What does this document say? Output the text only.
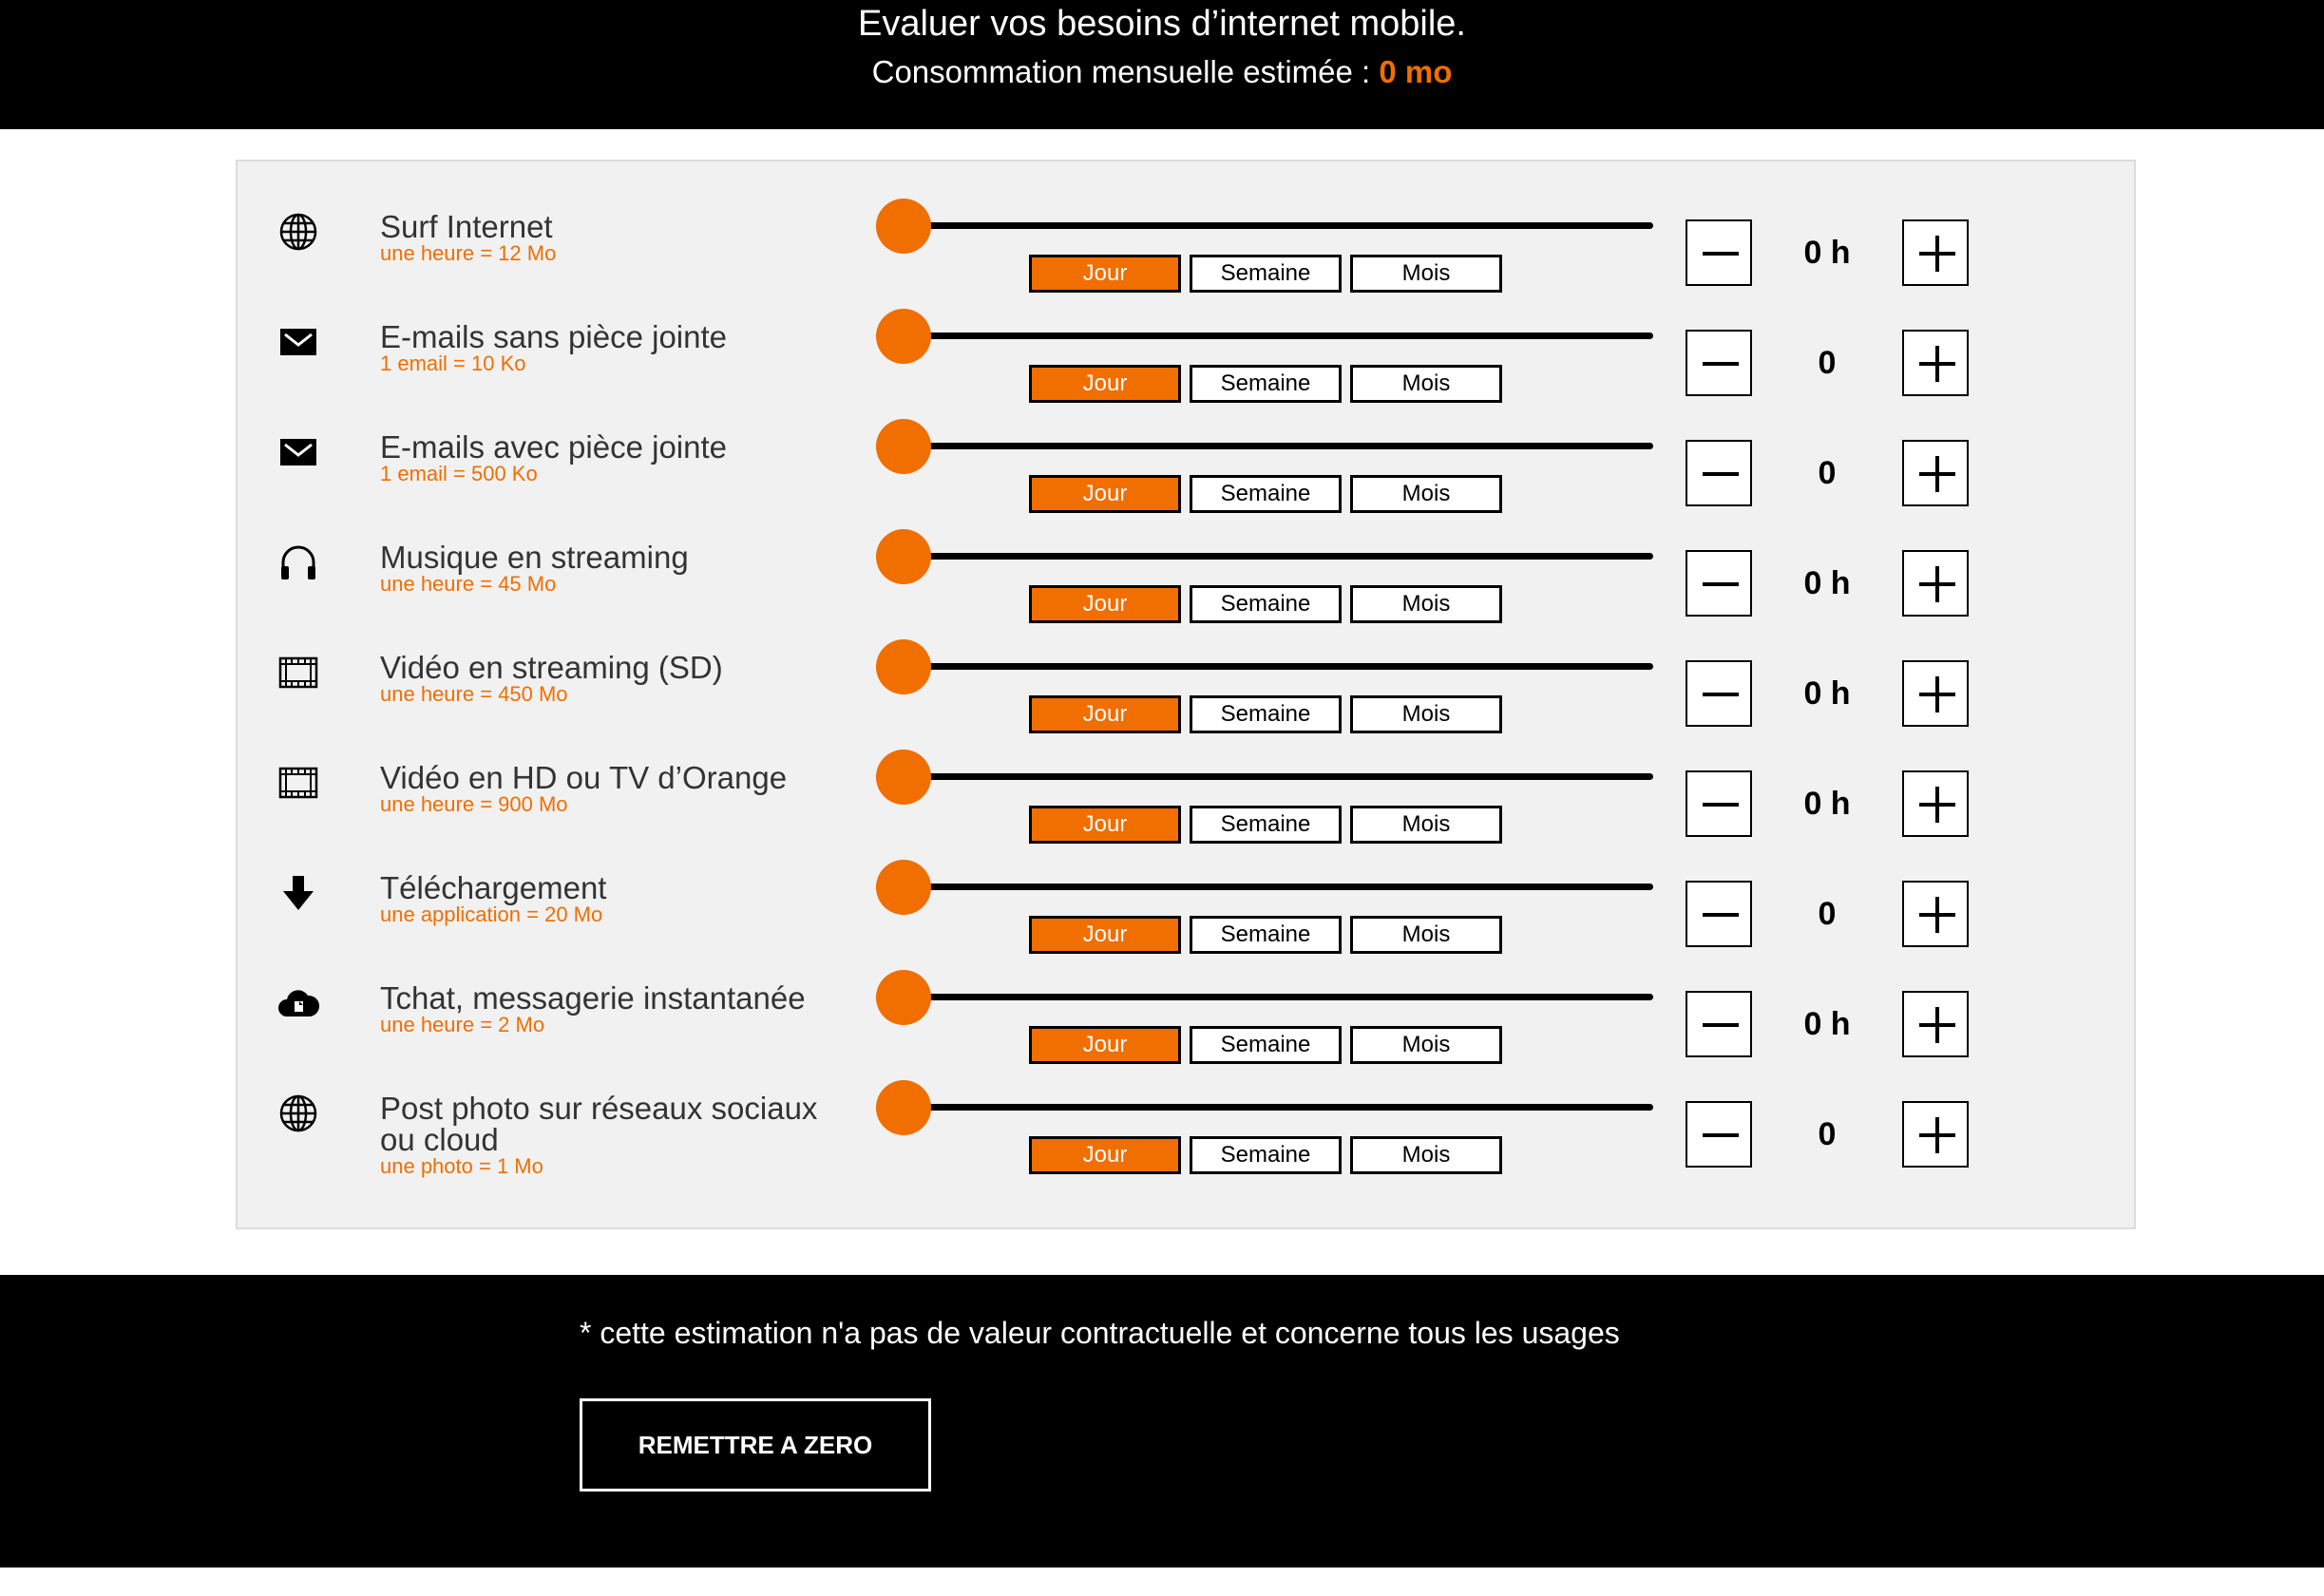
Evaluer vos besoins d’internet mobile.
Consommation mensuelle estimée : 0 mo
Surf Internet
une heure = 12 Mo
Jour	Semaine	Mois
0 h
E-mails sans pièce jointe
1 email = 10 Ko
Jour	Semaine	Mois
0
E-mails avec pièce jointe
1 email = 500 Ko
Jour	Semaine	Mois
0
Musique en streaming
une heure = 45 Mo
Jour	Semaine	Mois
0 h
Vidéo en streaming (SD)
une heure = 450 Mo
Jour	Semaine	Mois
0 h
Vidéo en HD ou TV d’Orange
une heure = 900 Mo
Jour	Semaine	Mois
0 h
Téléchargement
une application = 20 Mo
Jour	Semaine	Mois
0
Tchat, messagerie instantanée
une heure = 2 Mo
Jour	Semaine	Mois
0 h
Post photo sur réseaux sociaux ou cloud
une photo = 1 Mo	Jour	Semaine	Mois
0
* cette estimation n'a pas de valeur contractuelle et concerne tous les usages
REMETTRE A ZERO
